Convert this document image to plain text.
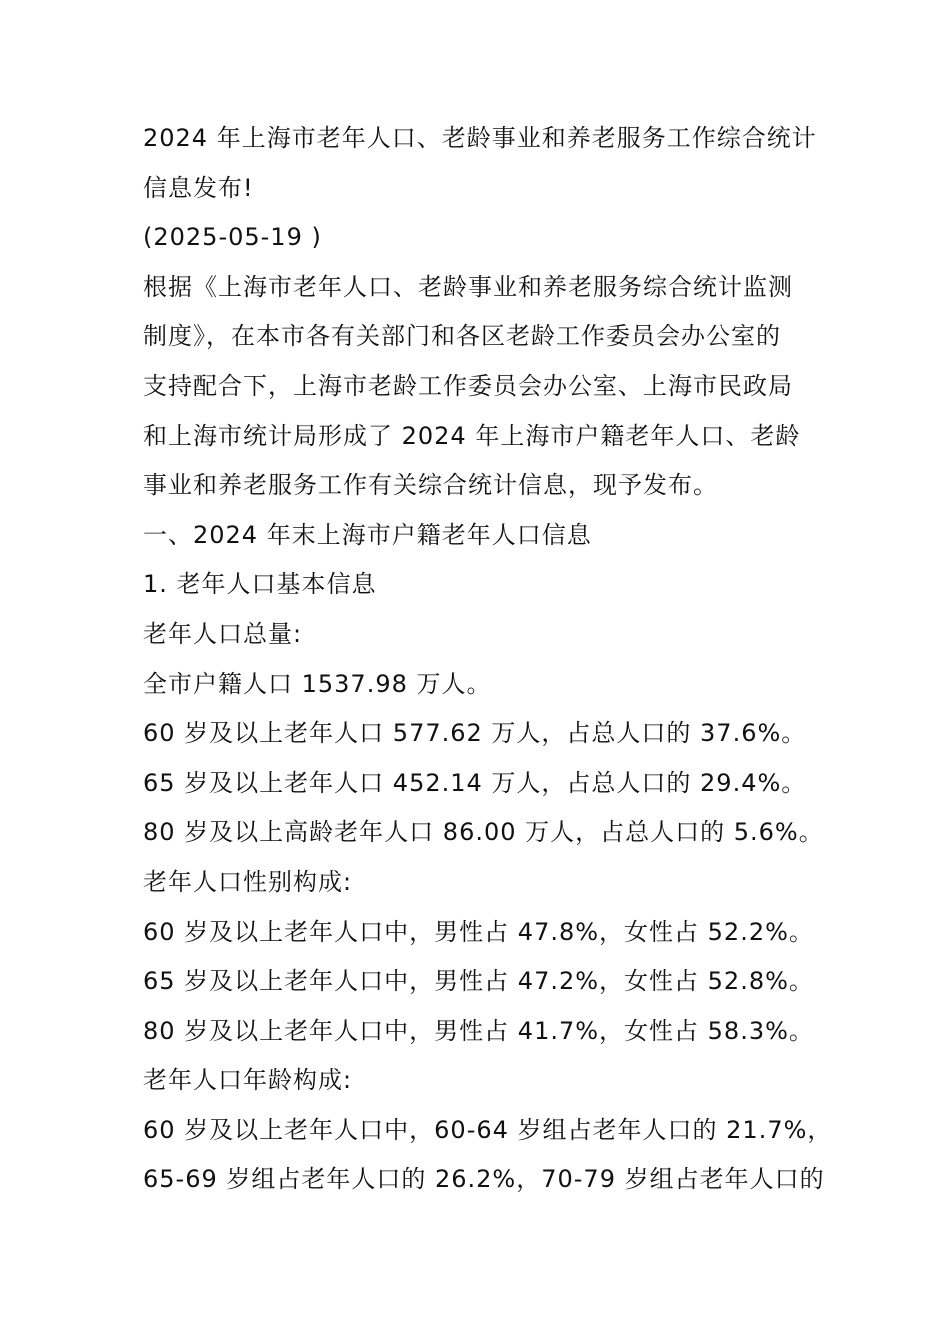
2024 年上海市老年人口、老龄事业和养老服务工作综合统计
信息发布!
(2025-05-19 )
根据《上海市老年人口、老龄事业和养老服务综合统计监测
制度》，在本市各有关部门和各区老龄工作委员会办公室的
支持配合下，上海市老龄工作委员会办公室、上海市民政局
和上海市统计局形成了 2024 年上海市户籍老年人口、老龄
事业和养老服务工作有关综合统计信息，现予发布。
一、2024 年末上海市户籍老年人口信息
1. 老年人口基本信息
老年人口总量:
全市户籍人口 1537.98 万人。
60 岁及以上老年人口 577.62 万人，占总人口的 37.6%。
65 岁及以上老年人口 452.14 万人，占总人口的 29.4%。
80 岁及以上高龄老年人口 86.00 万人，占总人口的 5.6%。
老年人口性别构成:
60 岁及以上老年人口中，男性占 47.8%，女性占 52.2%。
65 岁及以上老年人口中，男性占 47.2%，女性占 52.8%。
80 岁及以上老年人口中，男性占 41.7%，女性占 58.3%。
老年人口年龄构成:
60 岁及以上老年人口中，60-64 岁组占老年人口的 21.7%，
65-69 岁组占老年人口的 26.2%，70-79 岁组占老年人口的
